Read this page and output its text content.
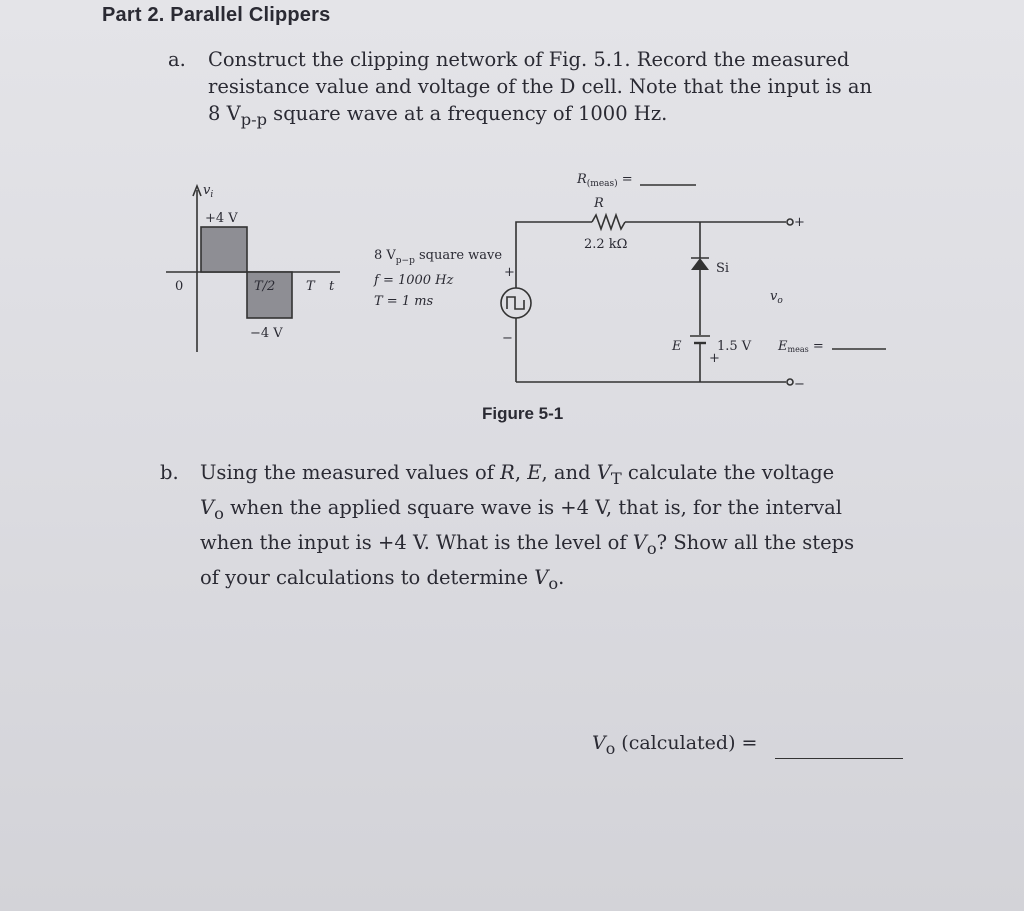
Part 2. Parallel Clippers
a. Construct the clipping network of Fig. 5.1. Record the measured
resistance value and voltage of the D cell. Note that the input is an
8 $V_{p-p}$ square wave at a frequency of 1000 Hz.
$v_i$
+4 V
−4 V
0	T/2 T t
8 $V_{p-p}$ square wave
f = 1000 Hz
T = 1 ms
+
−
$R_{(meas)}$ =
R
2.2 kΩ
Si
E	1.5 V
+
Emeas =
$v_o$
+
−
Figure 5-1
b. Using the measured values of R, E, and $V_T$ calculate the voltage
$V_o$ when the applied square wave is +4 V, that is, for the interval
when the input is +4 V. What is the level of $V_o$? Show all the steps
of your calculations to determine $V_o$.
$V_o$ (calculated) =
